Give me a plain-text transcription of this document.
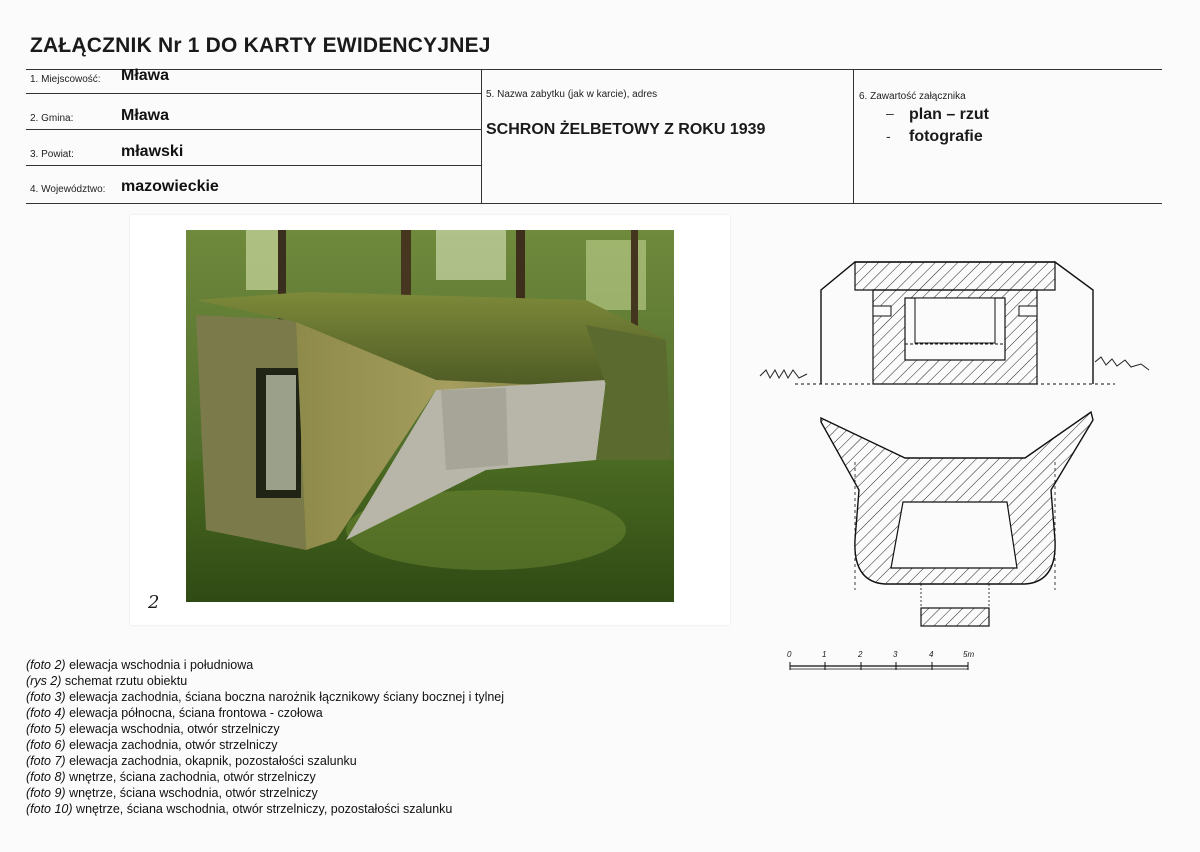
ZAŁĄCZNIK Nr 1 DO KARTY EWIDENCYJNEJ
1. Miejscowość: Mława
2. Gmina:	Mława
3. Powiat:	mławski
4. Województwo: mazowieckie
5. Nazwa zabytku (jak w karcie), adres
SCHRON ŻELBETOWY Z ROKU 1939
6. Zawartość załącznika
– plan – rzut
- fotografie
2
0	1	2	3	4	5m
(foto 2) elewacja wschodnia i południowa
(rys 2) schemat rzutu obiektu
(foto 3) elewacja zachodnia, ściana boczna narożnik łącznikowy ściany bocznej i tylnej
(foto 4) elewacja północna, ściana frontowa - czołowa
(foto 5) elewacja wschodnia, otwór strzelniczy
(foto 6) elewacja zachodnia, otwór strzelniczy
(foto 7) elewacja zachodnia, okapnik, pozostałości szalunku
(foto 8) wnętrze, ściana zachodnia, otwór strzelniczy
(foto 9) wnętrze, ściana wschodnia, otwór strzelniczy
(foto 10) wnętrze, ściana wschodnia, otwór strzelniczy, pozostałości szalunku
